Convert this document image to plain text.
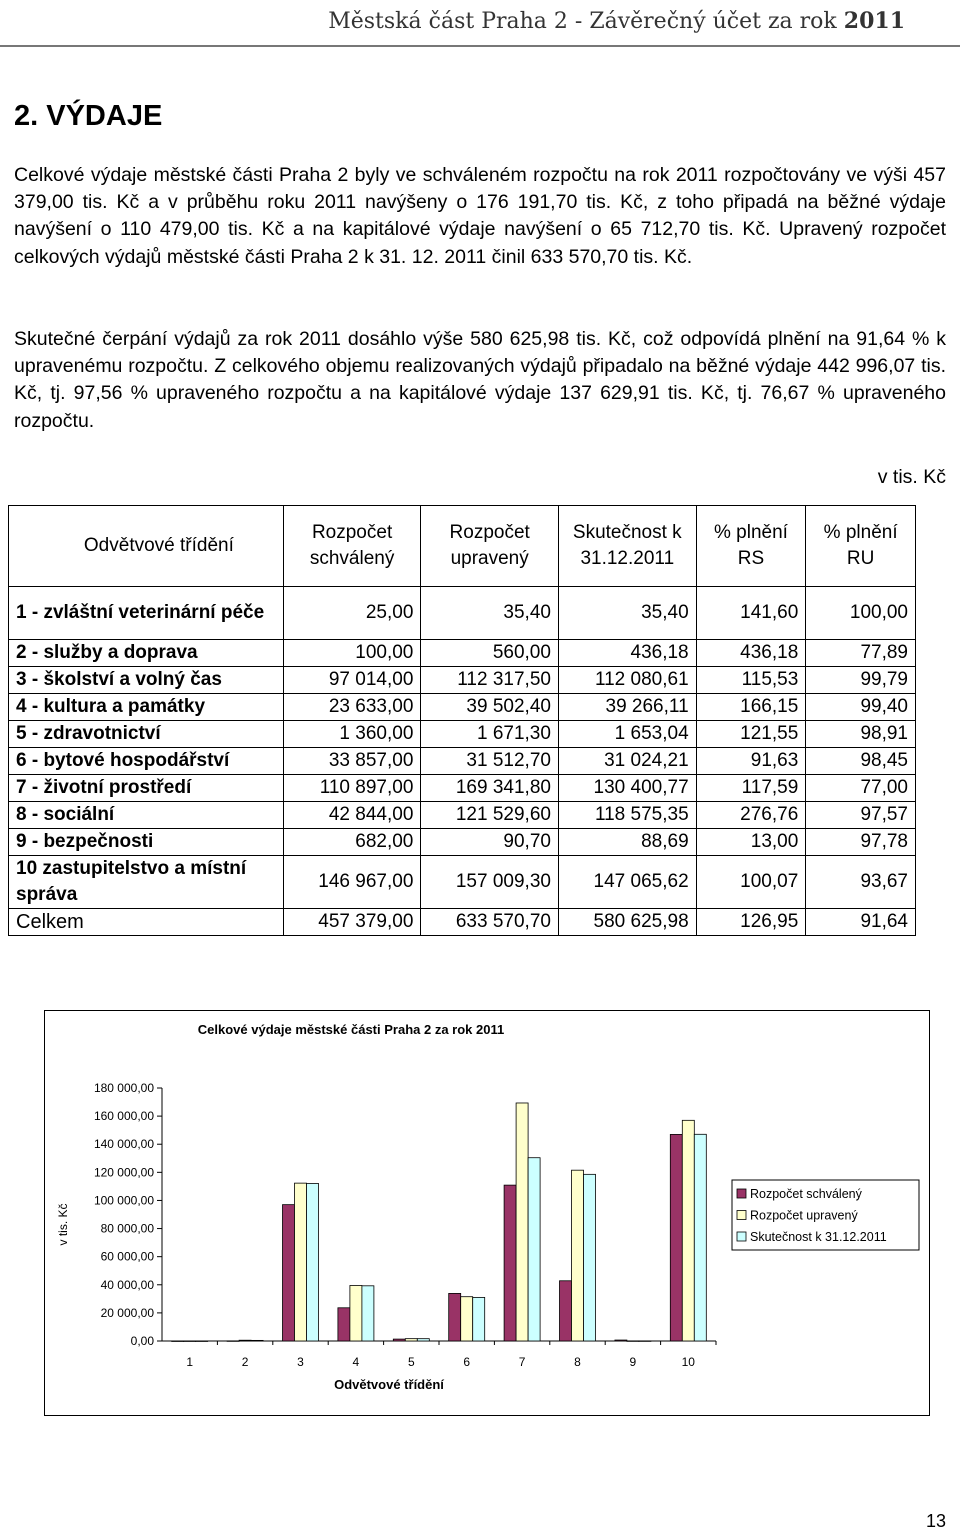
Městská část Praha 2 - Závěrečný účet za rok 2011
2. VÝDAJE
Celkové výdaje městské části Praha 2 byly ve schváleném rozpočtu na rok 2011 rozpočtovány ve výši 457 379,00 tis. Kč a v průběhu roku 2011 navýšeny o 176 191,70 tis. Kč, z toho připadá na běžné výdaje navýšení o 110 479,00 tis. Kč a na kapitálové výdaje navýšení o 65 712,70 tis. Kč. Upravený rozpočet celkových výdajů městské části Praha 2 k 31. 12. 2011 činil 633 570,70 tis. Kč.
Skutečné čerpání výdajů za rok 2011 dosáhlo výše 580 625,98 tis. Kč, což odpovídá plnění na 91,64 % k upravenému rozpočtu. Z celkového objemu realizovaných výdajů připadalo na běžné výdaje 442 996,07 tis. Kč, tj. 97,56 % upraveného rozpočtu a na kapitálové výdaje 137 629,91 tis. Kč, tj. 76,67 % upraveného rozpočtu.
v tis. Kč
Odvětvové třídění	Rozpočet schválený	Rozpočet upravený	Skutečnost k 31.12.2011	% plnění RS	% plnění RU
1 - zvláštní veterinární péče	25,00	35,40	35,40	141,60	100,00
2 - služby a doprava	100,00	560,00	436,18	436,18	77,89
3 - školství a volný čas	97 014,00	112 317,50	112 080,61	115,53	99,79
4 - kultura a památky	23 633,00	39 502,40	39 266,11	166,15	99,40
5 - zdravotnictví	1 360,00	1 671,30	1 653,04	121,55	98,91
6 - bytové hospodářství	33 857,00	31 512,70	31 024,21	91,63	98,45
7 - životní prostředí	110 897,00	169 341,80	130 400,77	117,59	77,00
8 - sociální	42 844,00	121 529,60	118 575,35	276,76	97,57
9 - bezpečnosti	682,00	90,70	88,69	13,00	97,78
10 zastupitelstvo a místní správa	146 967,00	157 009,30	147 065,62	100,07	93,67
Celkem	457 379,00	633 570,70	580 625,98	126,95	91,64
Celkové výdaje městské části Praha 2 za rok 2011
0,00
20 000,00
40 000,00
60 000,00
80 000,00
100 000,00
120 000,00
140 000,00
160 000,00
180 000,00
v tis. Kč
1	2	3	4	5	6	7	8	9	10
Odvětvové třídění
Rozpočet schválený
Rozpočet upravený
Skutečnost k 31.12.2011
13
